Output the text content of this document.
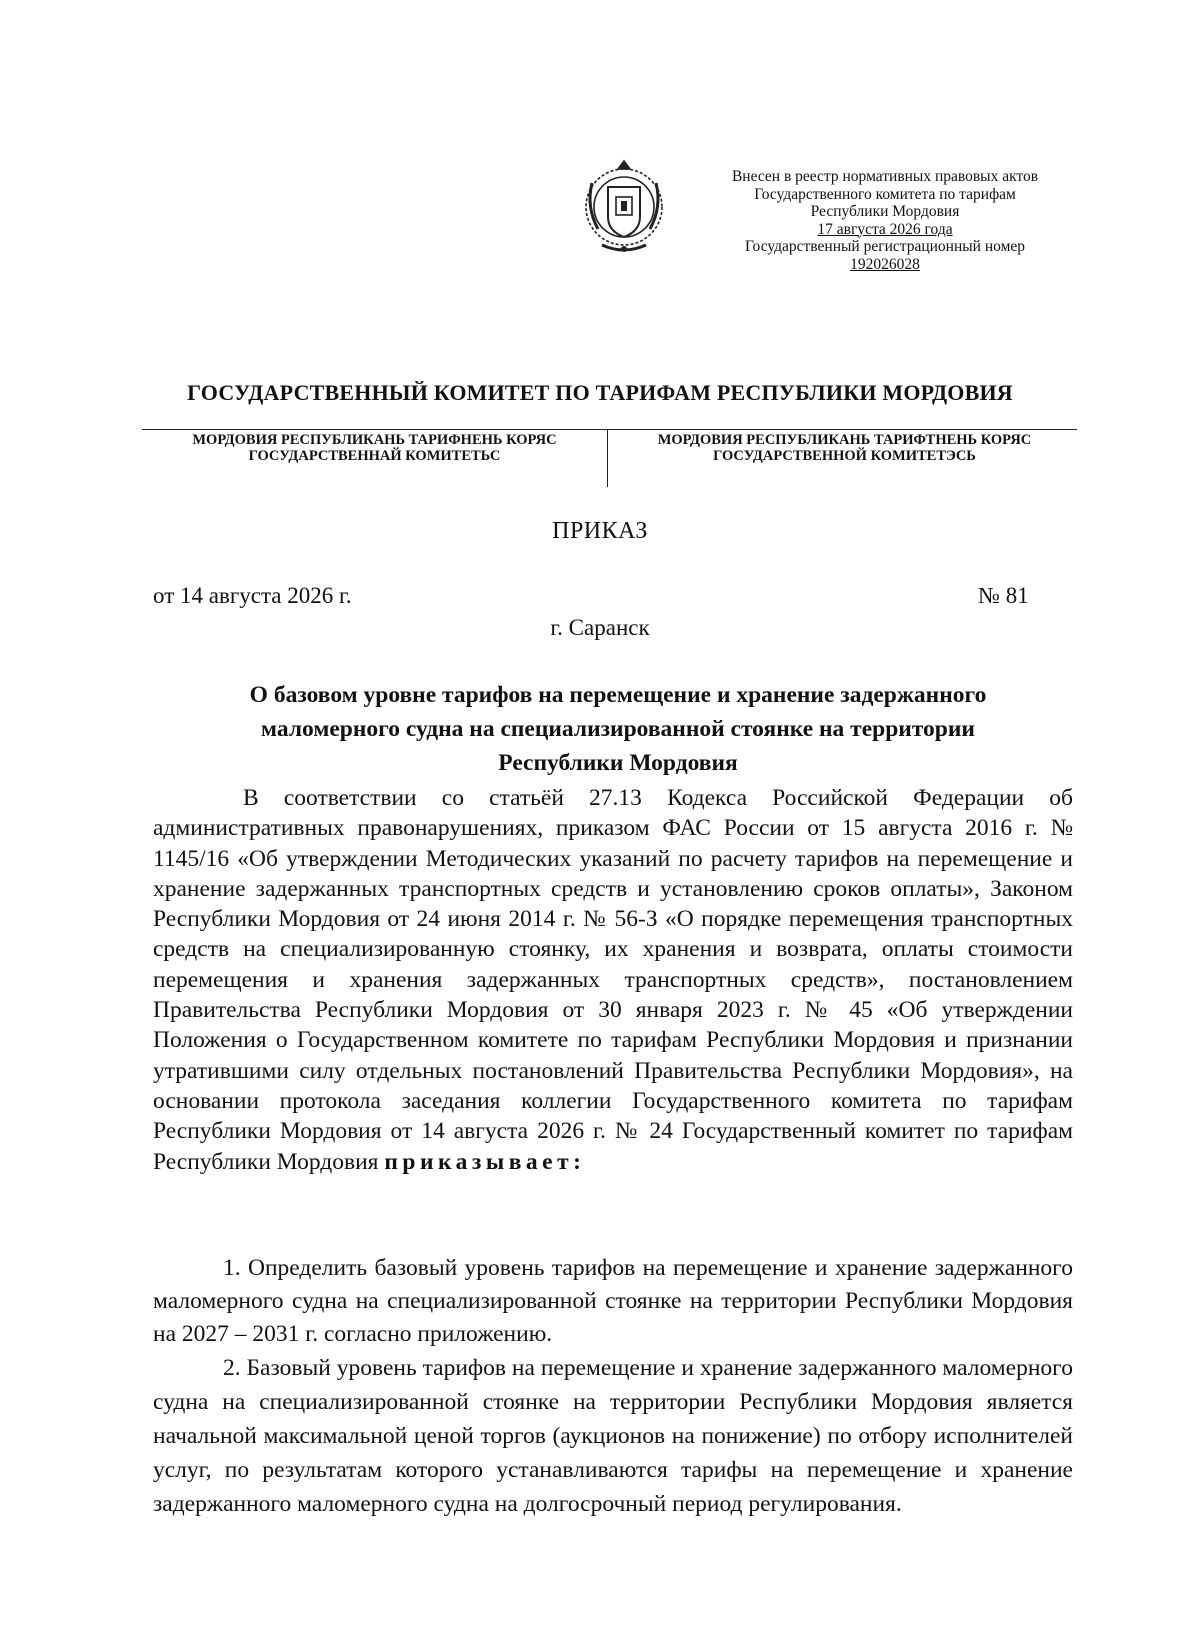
Внесен в реестр нормативных правовых актов
Государственного комитета по тарифам
Республики Мордовия
17 августа 2026 года
Государственный регистрационный номер
192026028
ГОСУДАРСТВЕННЫЙ КОМИТЕТ ПО ТАРИФАМ РЕСПУБЛИКИ МОРДОВИЯ
МОРДОВИЯ РЕСПУБЛИКАНЬ ТАРИФНЕНЬ КОРЯС
ГОСУДАРСТВЕННАЙ КОМИТЕТЬС
МОРДОВИЯ РЕСПУБЛИКАНЬ ТАРИФТНЕНЬ КОРЯС
ГОСУДАРСТВЕННОЙ КОМИТЕТЭСЬ
ПРИКАЗ
от 14 августа 2026 г.	№ 81
г. Саранск
О базовом уровне тарифов на перемещение и хранение задержанного
маломерного судна на специализированной стоянке на территории
Республики Мордовия
В соответствии со статьёй 27.13 Кодекса Российской Федерации об административных правонарушениях, приказом ФАС России от 15 августа 2016 г. № 1145/16 «Об утверждении Методических указаний по расчету тарифов на перемещение и хранение задержанных транспортных средств и установлению сроков оплаты», Законом Республики Мордовия от 24 июня 2014 г. № 56-З «О порядке перемещения транспортных средств на специализированную стоянку, их хранения и возврата, оплаты стоимости перемещения и хранения задержанных транспортных средств», постановлением Правительства Республики Мордовия от 30 января 2023 г. № 45 «Об утверждении Положения о Государственном комитете по тарифам Республики Мордовия и признании утратившими силу отдельных постановлений Правительства Республики Мордовия», на основании протокола заседания коллегии Государственного комитета по тарифам Республики Мордовия от 14 августа 2026 г. № 24 Государственный комитет по тарифам Республики Мордовия приказывает:
1. Определить базовый уровень тарифов на перемещение и хранение задержанного маломерного судна на специализированной стоянке на территории Республики Мордовия на 2027 – 2031 г. согласно приложению.
2. Базовый уровень тарифов на перемещение и хранение задержанного маломерного судна на специализированной стоянке на территории Республики Мордовия является начальной максимальной ценой торгов (аукционов на понижение) по отбору исполнителей услуг, по результатам которого устанавливаются тарифы на перемещение и хранение задержанного маломерного судна на долгосрочный период регулирования.
